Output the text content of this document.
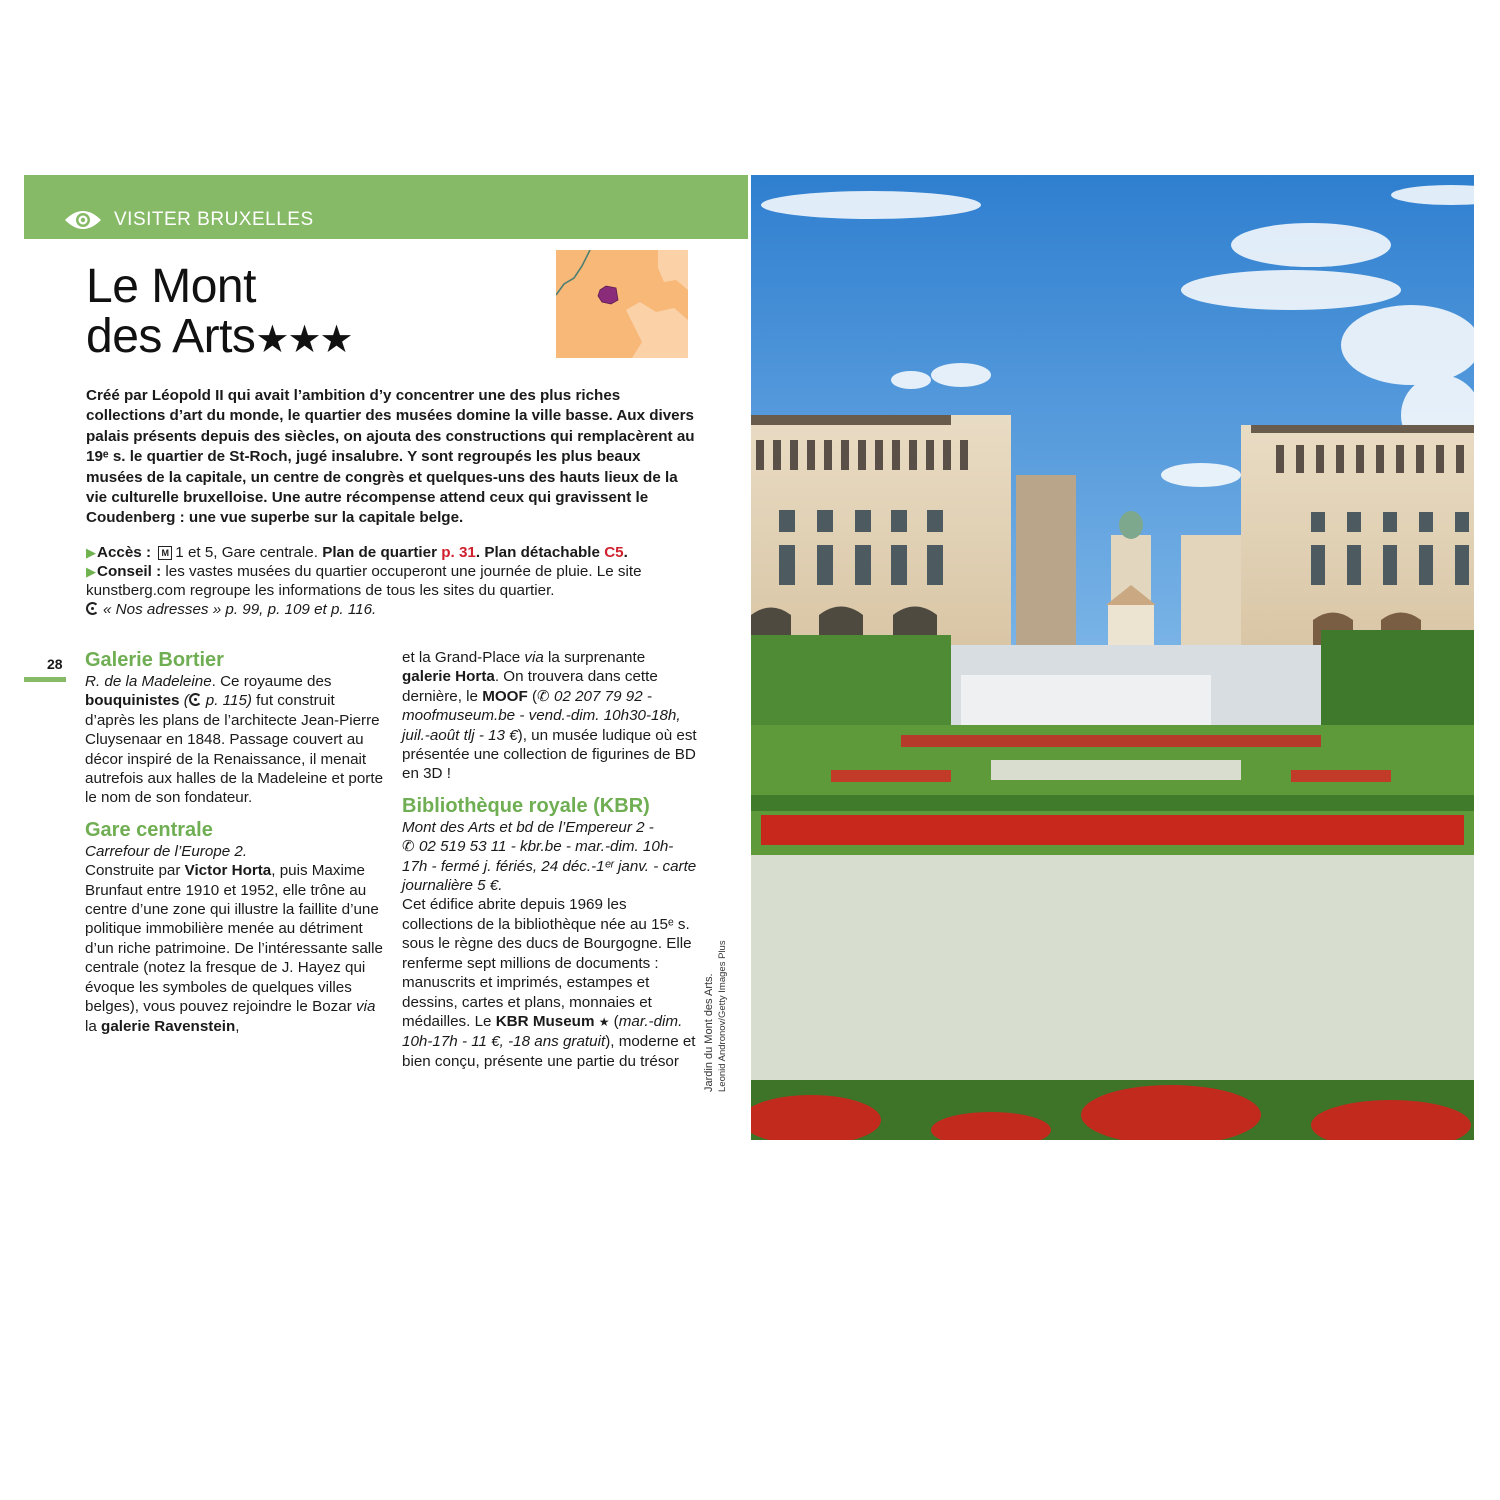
VISITER BRUXELLES
Le Mont
des Arts★★★

Créé par Léopold II qui avait l’ambition d’y concentrer une des plus riches collections d’art du monde, le quartier des musées domine la ville basse. Aux divers palais présents depuis des siècles, on ajouta des constructions qui remplacèrent au 19ᵉ s. le quartier de St-Roch, jugé insalubre. Y sont regroupés les plus beaux musées de la capitale, un centre de congrès et quelques-uns des hauts lieux de la vie culturelle bruxelloise. Une autre récompense attend ceux qui gravissent le Coudenberg : une vue superbe sur la capitale belge.

▶Accès : M 1 et 5, Gare centrale. Plan de quartier p. 31. Plan détachable C5.

▶Conseil : les vastes musées du quartier occuperont une journée de pluie. Le site kunstberg.com regroupe les informations de tous les sites du quartier.

« Nos adresses » p. 99, p. 109 et p. 116.

28 Galerie Bortier

R. de la Madeleine. Ce royaume des bouquinistes ( p. 115) fut construit d’après les plans de l’architecte Jean-Pierre Cluysenaar en 1848. Passage couvert au décor inspiré de la Renaissance, il menait autrefois aux halles de la Madeleine et porte le nom de son fondateur.

Gare centrale

Carrefour de l’Europe 2.
Construite par Victor Horta, puis Maxime Brunfaut entre 1910 et 1952, elle trône au centre d’une zone qui illustre la faillite d’une politique immobilière menée au détriment d’un riche patrimoine. De l’intéressante salle centrale (notez la fresque de J. Hayez qui évoque les symboles de quelques villes belges), vous pouvez rejoindre le Bozar via la galerie Ravenstein,

et la Grand-Place via la surprenante galerie Horta. On trouvera dans cette dernière, le MOOF (✆ 02 207 79 92 - moofmuseum.be - vend.-dim. 10h30-18h, juil.-août tlj - 13 €), un musée ludique où est présentée une collection de figurines de BD en 3D !

Bibliothèque royale (KBR)

Mont des Arts et bd de l’Empereur 2 -
✆ 02 519 53 11 - kbr.be - mar.-dim. 10h-17h - fermé j. fériés, 24 déc.-1ᵉʳ janv. - carte journalière 5 €.
Cet édifice abrite depuis 1969 les collections de la bibliothèque née au 15ᵉ s. sous le règne des ducs de Bourgogne. Elle renferme sept millions de documents : manuscrits et imprimés, estampes et dessins, cartes et plans, monnaies et médailles. Le KBR Museum ★ (mar.-dim. 10h-17h - 11 €, -18 ans gratuit), moderne et bien conçu, présente une partie du trésor	Jardin du Mont des Arts. Leonid Andronov/Getty Images Plus
